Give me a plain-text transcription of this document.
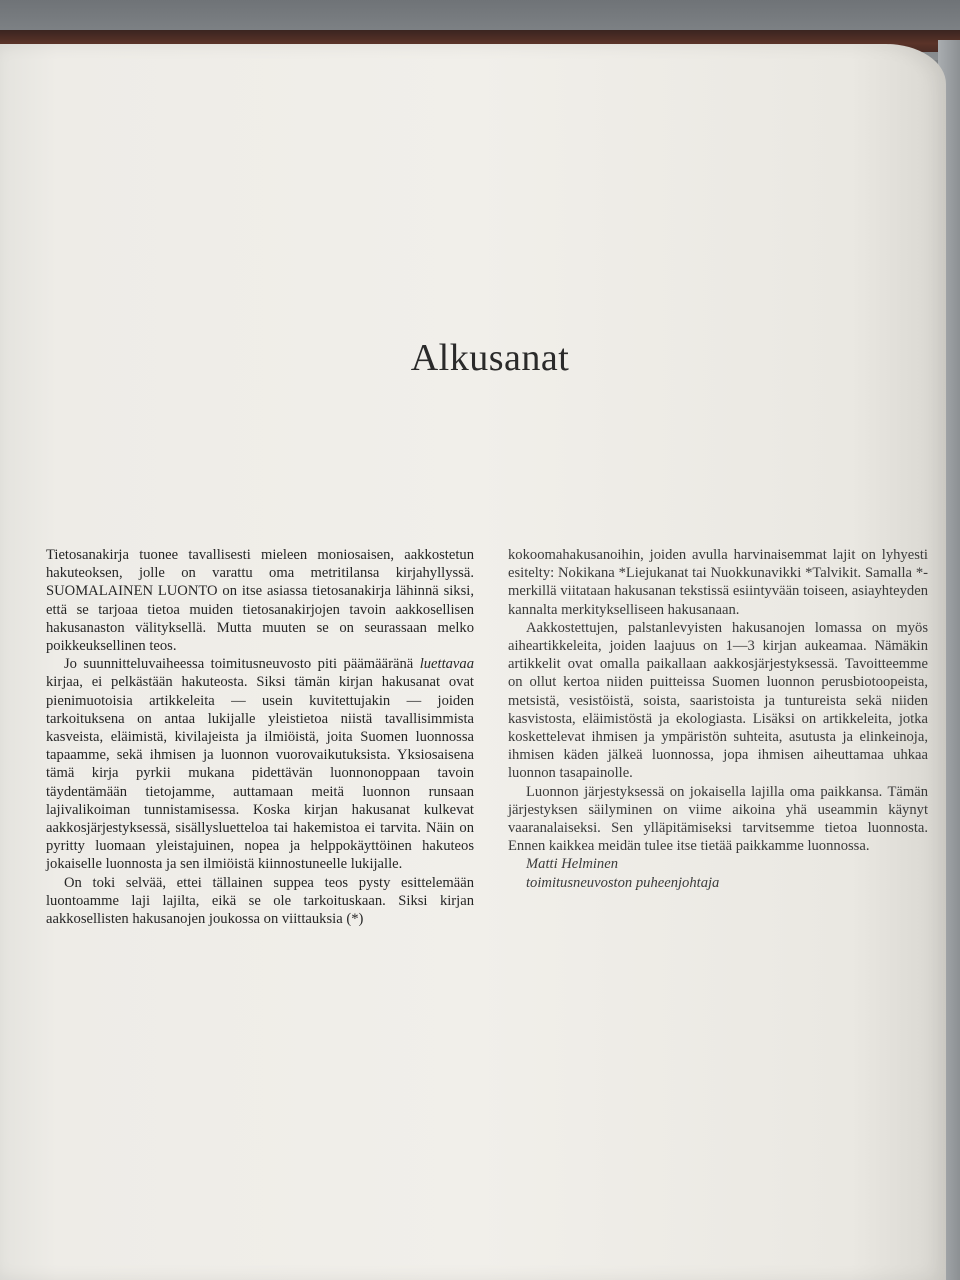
Alkusanat

Tietosanakirja tuonee tavallisesti mieleen moniosaisen, aakkostetun hakuteoksen, jolle on varattu oma metritilansa kirjahyllyssä. SUOMALAINEN LUONTO on itse asiassa tietosanakirja lähinnä siksi, että se tarjoaa tietoa muiden tietosanakirjojen tavoin aakkosellisen hakusanaston välityksellä. Mutta muuten se on seurassaan melko poikkeuksellinen teos.

Jo suunnitteluvaiheessa toimitusneuvosto piti päämääränä luettavaa kirjaa, ei pelkästään hakuteosta. Siksi tämän kirjan hakusanat ovat pienimuotoisia artikkeleita — usein kuvitettujakin — joiden tarkoituksena on antaa lukijalle yleistietoa niistä tavallisimmista kasveista, eläimistä, kivilajeista ja ilmiöistä, joita Suomen luonnossa tapaamme, sekä ihmisen ja luonnon vuorovaikutuksista. Yksiosaisena tämä kirja pyrkii mukana pidettävän luonnonoppaan tavoin täydentämään tietojamme, auttamaan meitä luonnon runsaan lajivalikoiman tunnistamisessa. Koska kirjan hakusanat kulkevat aakkosjärjestyksessä, sisällysluetteloa tai hakemistoa ei tarvita. Näin on pyritty luomaan yleistajuinen, nopea ja helppokäyttöinen hakuteos jokaiselle luonnosta ja sen ilmiöistä kiinnostuneelle lukijalle.

On toki selvää, ettei tällainen suppea teos pysty esittelemään luontoamme laji lajilta, eikä se ole tarkoituskaan. Siksi kirjan aakkosellisten hakusanojen joukossa on viittauksia (*)

kokoomahakusanoihin, joiden avulla harvinaisemmat lajit on lyhyesti esitelty: Nokikana *Liejukanat tai Nuokkunavikki *Talvikit. Samalla *-merkillä viitataan hakusanan tekstissä esiintyvään toiseen, asiayhteyden kannalta merkitykselliseen hakusanaan.

Aakkostettujen, palstanlevyisten hakusanojen lomassa on myös aiheartikkeleita, joiden laajuus on 1—3 kirjan aukeamaa. Nämäkin artikkelit ovat omalla paikallaan aakkosjärjestyksessä. Tavoitteemme on ollut kertoa niiden puitteissa Suomen luonnon perusbiotoopeista, metsistä, vesistöistä, soista, saaristoista ja tuntureista sekä niiden kasvistosta, eläimistöstä ja ekologiasta. Lisäksi on artikkeleita, jotka koskettelevat ihmisen ja ympäristön suhteita, asutusta ja elinkeinoja, ihmisen käden jälkeä luonnossa, jopa ihmisen aiheuttamaa uhkaa luonnon tasapainolle.

Luonnon järjestyksessä on jokaisella lajilla oma paikkansa. Tämän järjestyksen säilyminen on viime aikoina yhä useammin käynyt vaaranalaiseksi. Sen ylläpitämiseksi tarvitsemme tietoa luonnosta. Ennen kaikkea meidän tulee itse tietää paikkamme luonnossa.

Matti Helminen
toimitusneuvoston puheenjohtaja
